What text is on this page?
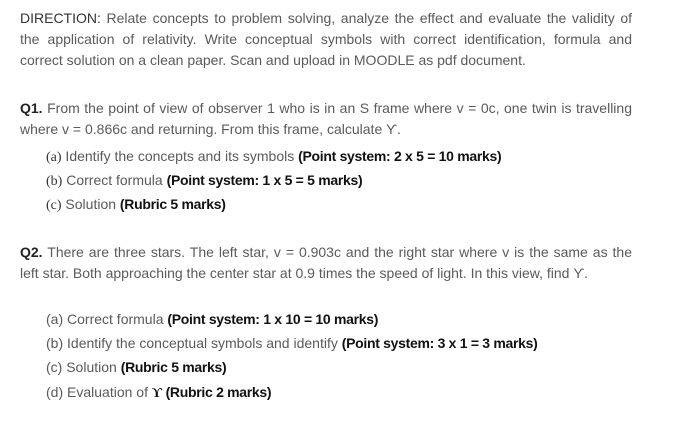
DIRECTION: Relate concepts to problem solving, analyze the effect and evaluate the validity of the application of relativity. Write conceptual symbols with correct identification, formula and correct solution on a clean paper. Scan and upload in MOODLE as pdf document.

Q1. From the point of view of observer 1 who is in an S frame where v = 0c, one twin is travelling where v = 0.866c and returning. From this frame, calculate ϒ.

(a) Identify the concepts and its symbols (Point system: 2 x 5 = 10 marks)
(b) Correct formula (Point system: 1 x 5 = 5 marks)
(c) Solution (Rubric 5 marks)

Q2. There are three stars. The left star, v = 0.903c and the right star where v is the same as the left star. Both approaching the center star at 0.9 times the speed of light. In this view, find ϒ.

(a) Correct formula (Point system: 1 x 10 = 10 marks)
(b) Identify the conceptual symbols and identify (Point system: 3 x 1 = 3 marks)
(c) Solution (Rubric 5 marks)
(d) Evaluation of ϒ (Rubric 2 marks)
